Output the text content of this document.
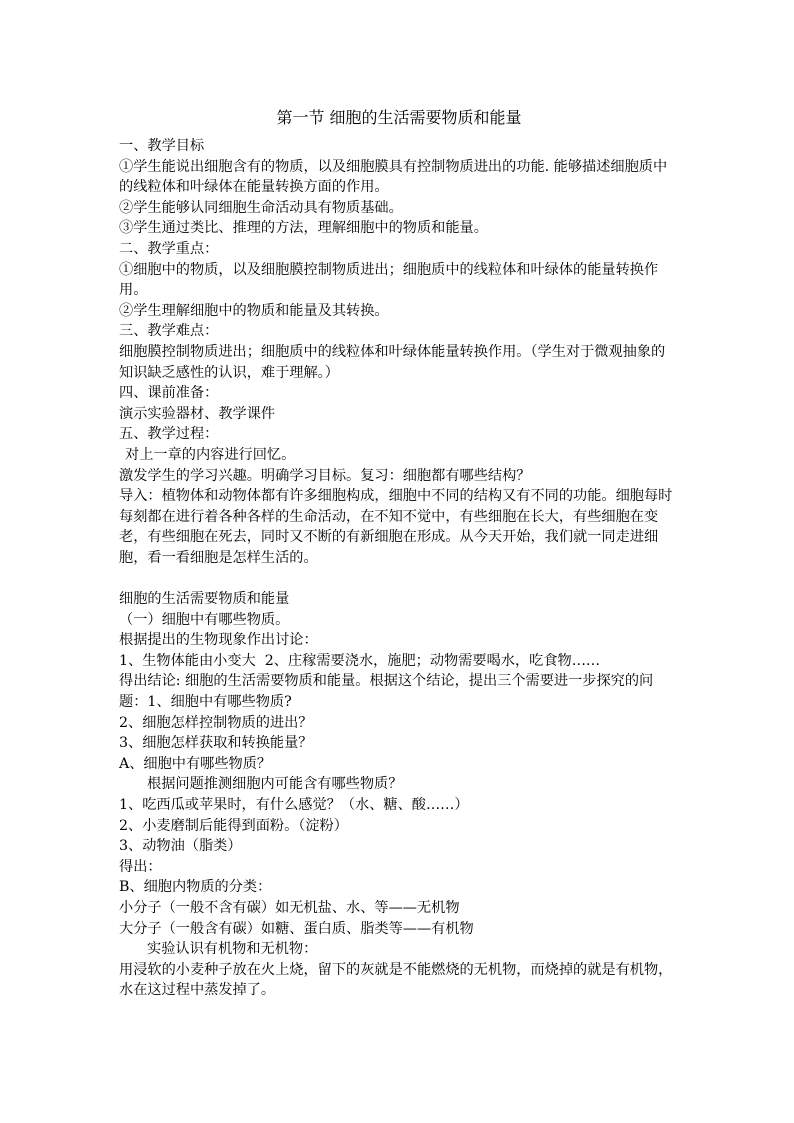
第一节 细胞的生活需要物质和能量

一、教学目标

①学生能说出细胞含有的物质，以及细胞膜具有控制物质进出的功能. 能够描述细胞质中的线粒体和叶绿体在能量转换方面的作用。

②学生能够认同细胞生命活动具有物质基础。

③学生通过类比、推理的方法，理解细胞中的物质和能量。

二、教学重点：

①细胞中的物质，以及细胞膜控制物质进出；细胞质中的线粒体和叶绿体的能量转换作用。

②学生理解细胞中的物质和能量及其转换。

三、教学难点：

细胞膜控制物质进出；细胞质中的线粒体和叶绿体能量转换作用。（学生对于微观抽象的知识缺乏感性的认识，难于理解。）

四、课前准备：

演示实验器材、教学课件

五、教学过程：

对上一章的内容进行回忆。

激发学生的学习兴趣。明确学习目标。复习：细胞都有哪些结构？

导入：植物体和动物体都有许多细胞构成，细胞中不同的结构又有不同的功能。细胞每时每刻都在进行着各种各样的生命活动，在不知不觉中，有些细胞在长大，有些细胞在变老，有些细胞在死去，同时又不断的有新细胞在形成。从今天开始，我们就一同走进细胞，看一看细胞是怎样生活的。

细胞的生活需要物质和能量

（一）细胞中有哪些物质。

根据提出的生物现象作出讨论：

1、生物体能由小变大  2、庄稼需要浇水，施肥；动物需要喝水，吃食物……

得出结论: 细胞的生活需要物质和能量。根据这个结论，提出三个需要进一步探究的问题：1、细胞中有哪些物质?

2、细胞怎样控制物质的进出？

3、细胞怎样获取和转换能量？

A、细胞中有哪些物质？

根据问题推测细胞内可能含有哪些物质？

1、吃西瓜或苹果时，有什么感觉？（水、糖、酸……）

2、小麦磨制后能得到面粉。（淀粉）

3、动物油（脂类）

得出：

B、细胞内物质的分类：

小分子（一般不含有碳）如无机盐、水、等——无机物

大分子（一般含有碳）如糖、蛋白质、脂类等——有机物

实验认识有机物和无机物：

用浸软的小麦种子放在火上烧，留下的灰就是不能燃烧的无机物，而烧掉的就是有机物，水在这过程中蒸发掉了。
